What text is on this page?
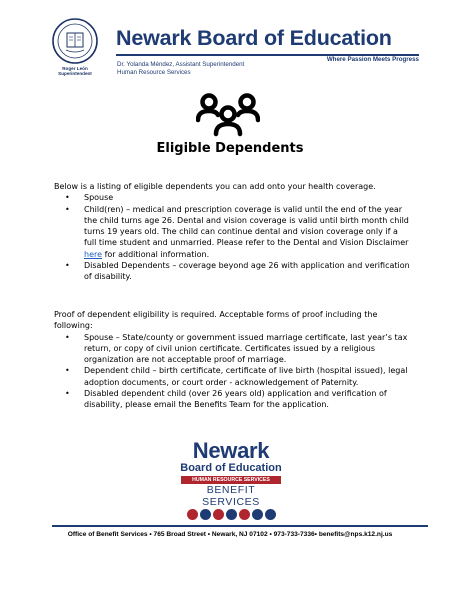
Roger León
Superintendent
Newark Board of Education
Where Passion Meets Progress
Dr. Yolanda Méndez, Assistant Superintendent
Human Resource Services
Eligible Dependents

Below is a listing of eligible dependents you can add onto your health coverage.

• Spouse
• Child(ren) – medical and prescription coverage is valid until the end of the year the child turns age 26. Dental and vision coverage is valid until birth month child turns 19 years old. The child can continue dental and vision coverage only if a full time student and unmarried. Please refer to the Dental and Vision Disclaimer here for additional information.
• Disabled Dependents – coverage beyond age 26 with application and verification of disability.

Proof of dependent eligibility is required. Acceptable forms of proof including the following:

• Spouse – State/county or government issued marriage certificate, last year’s tax return, or copy of civil union certificate. Certificates issued by a religious organization are not acceptable proof of marriage.
• Dependent child – birth certificate, certificate of live birth (hospital issued), legal adoption documents, or court order - acknowledgement of Paternity.
• Disabled dependent child (over 26 years old) application and verification of disability, please email the Benefits Team for the application.
Newark
Board of Education
HUMAN RESOURCE SERVICES
BENEFIT SERVICES
Office of Benefit Services • 765 Broad Street • Newark, NJ 07102 • 973-733-7336• benefits@nps.k12.nj.us
